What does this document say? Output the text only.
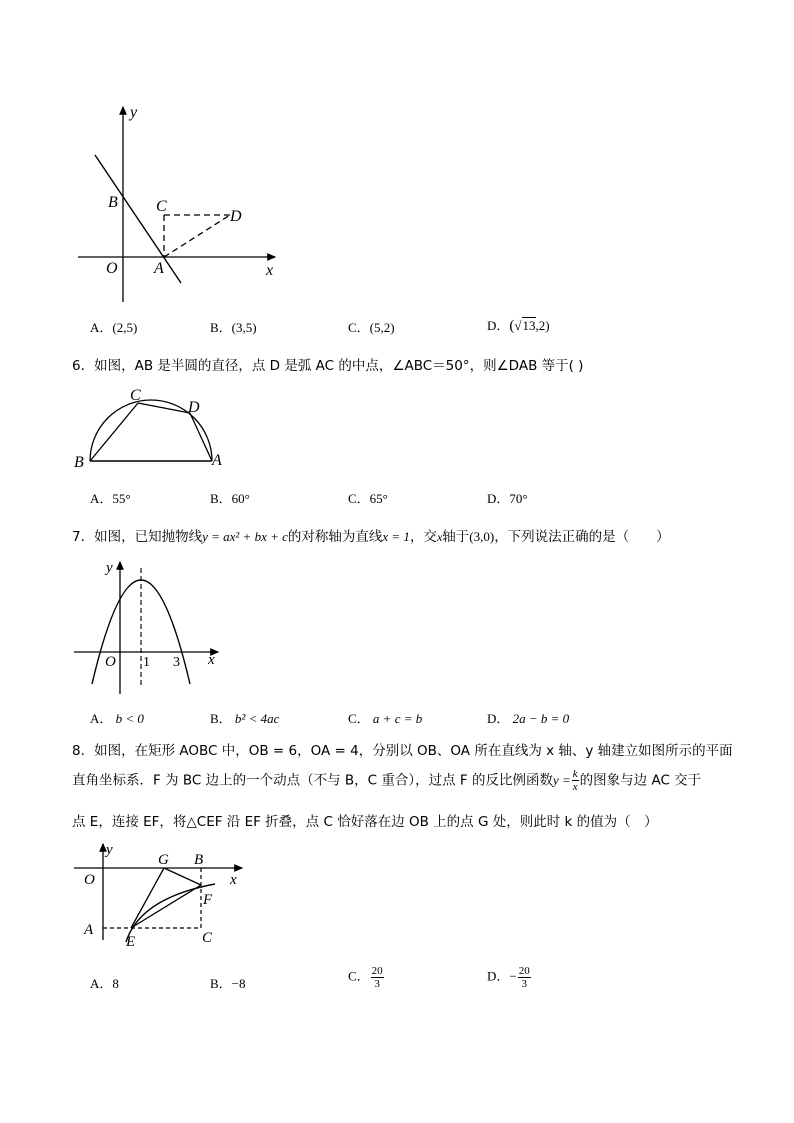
y
x
O A
B C
D
A．(2,5)	B．(3,5)	C．(5,2)	D．(√13,2)
6．如图，AB 是半圆的直径，点 D 是弧 AC 的中点，∠ABC＝50°，则∠DAB 等于( )
C
D
B	A
A．55°	B．60°	C．65°	D．70°
7．如图，已知抛物线y = ax² + bx + c的对称轴为直线x = 1，交x轴于(3,0)，下列说法正确的是（　　）
y
x
O 1 3
A． b < 0	B． b² < 4ac	C． a + c = b	D． 2a − b = 0
8．如图，在矩形 AOBC 中，OB = 6，OA = 4，分别以 OB、OA 所在直线为 x 轴、y 轴建立如图所示的平面
直角坐标系．F 为 BC 边上的一个动点（不与 B，C 重合），过点 F 的反比例函数$y = \frac{k}{x}$ 的图象与边 AC 交于
点 E，连接 EF，将△CEF 沿 EF 折叠，点 C 恰好落在边 OB 上的点 G 处，则此时 k 的值为（　）
y
x
O
G B
F
A
E	C
A．8	B．−8
C． $\frac{20}{3}$	D．− $\frac{20}{3}$
